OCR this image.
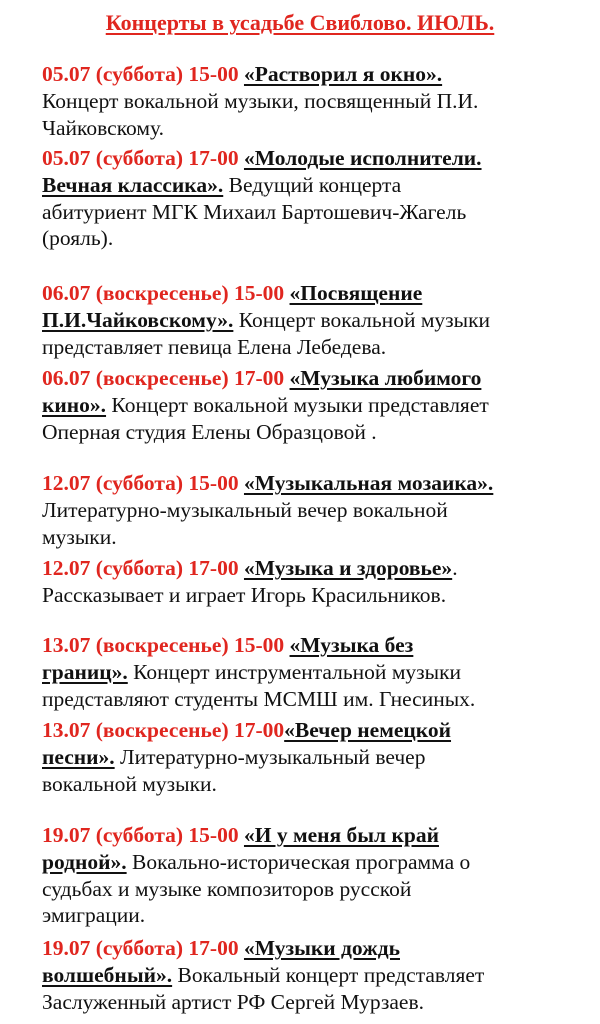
Концерты в усадьбе Свиблово. ИЮЛЬ.

05.07 (суббота) 15-00 «Растворил я окно».
Концерт вокальной музыки, посвященный П.И.
Чайковскому.

05.07 (суббота) 17-00 «Молодые исполнители.
Вечная классика». Ведущий концерта
абитуриент МГК Михаил Бартошевич-Жагель
(рояль).

06.07 (воскресенье) 15-00 «Посвящение
П.И.Чайковскому». Концерт вокальной музыки
представляет певица Елена Лебедева.

06.07 (воскресенье) 17-00 «Музыка любимого
кино». Концерт вокальной музыки представляет
Оперная студия Елены Образцовой .

12.07 (суббота) 15-00 «Музыкальная мозаика».
Литературно-музыкальный вечер вокальной
музыки.

12.07 (суббота) 17-00 «Музыка и здоровье».
Рассказывает и играет Игорь Красильников.

13.07 (воскресенье) 15-00 «Музыка без
границ». Концерт инструментальной музыки
представляют студенты МСМШ им. Гнесиных.

13.07 (воскресенье) 17-00«Вечер немецкой
песни». Литературно-музыкальный вечер
вокальной музыки.

19.07 (суббота) 15-00 «И у меня был край
родной». Вокально-историческая программа о
судьбах и музыке композиторов русской
эмиграции.

19.07 (суббота) 17-00 «Музыки дождь
волшебный». Вокальный концерт представляет
Заслуженный артист РФ Сергей Мурзаев.
